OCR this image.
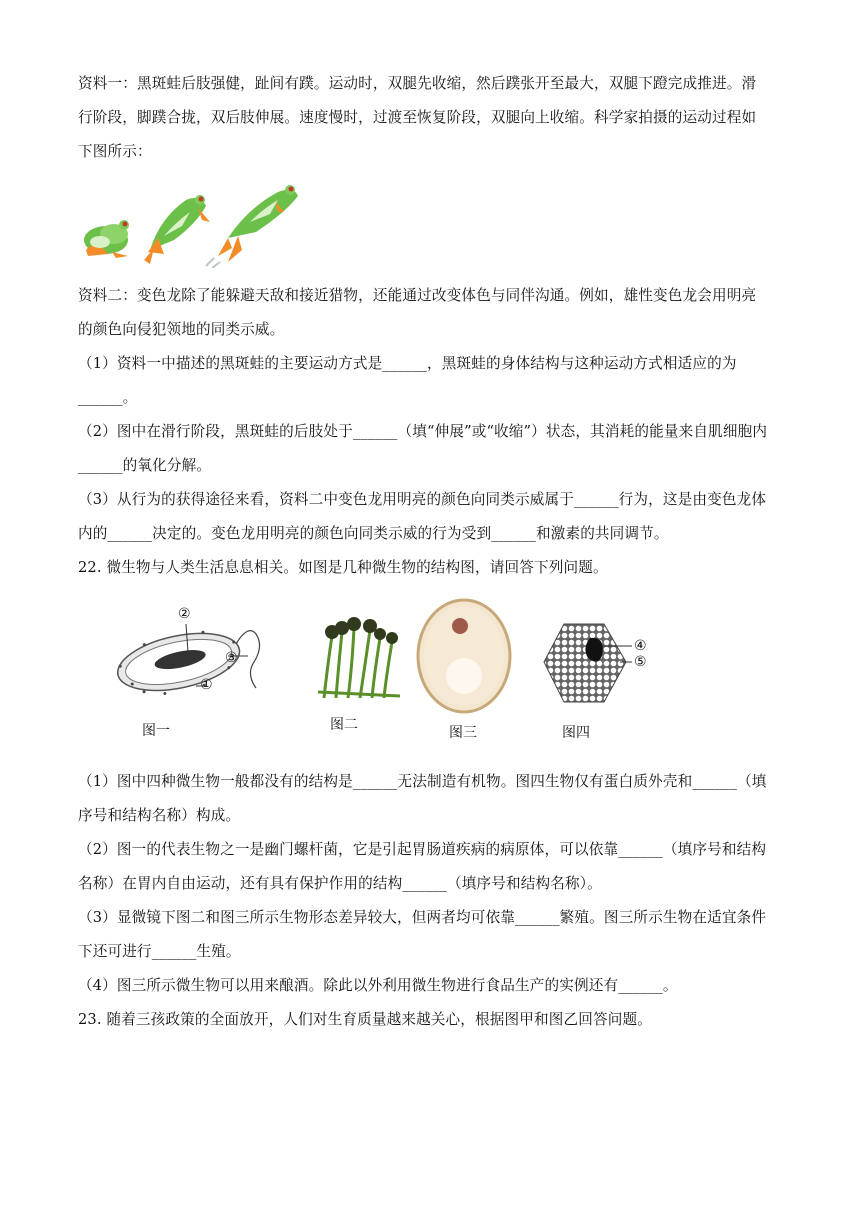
资料一：黑斑蛙后肢强健，趾间有蹼。运动时，双腿先收缩，然后蹼张开至最大，双腿下蹬完成推进。滑
行阶段，脚蹼合拢，双后肢伸展。速度慢时，过渡至恢复阶段，双腿向上收缩。科学家拍摄的运动过程如
下图所示：
资料二：变色龙除了能躲避天敌和接近猎物，还能通过改变体色与同伴沟通。例如，雄性变色龙会用明亮
的颜色向侵犯领地的同类示威。
（1）资料一中描述的黑斑蛙的主要运动方式是______，黑斑蛙的身体结构与这种运动方式相适应的为
______。
（2）图中在滑行阶段，黑斑蛙的后肢处于______（填“伸展”或“收缩”）状态，其消耗的能量来自肌细胞内
______的氧化分解。
（3）从行为的获得途径来看，资料二中变色龙用明亮的颜色向同类示威属于______行为，这是由变色龙体
内的______决定的。变色龙用明亮的颜色向同类示威的行为受到______和激素的共同调节。
22. 微生物与人类生活息息相关。如图是几种微生物的结构图，请回答下列问题。
②
③
①
图一	图二	图三
④
⑤
图四
（1）图中四种微生物一般都没有的结构是______无法制造有机物。图四生物仅有蛋白质外壳和______（填
序号和结构名称）构成。
（2）图一的代表生物之一是幽门螺杆菌，它是引起胃肠道疾病的病原体，可以依靠______（填序号和结构
名称）在胃内自由运动，还有具有保护作用的结构______（填序号和结构名称）。
（3）显微镜下图二和图三所示生物形态差异较大，但两者均可依靠______繁殖。图三所示生物在适宜条件
下还可进行______生殖。
（4）图三所示微生物可以用来酿酒。除此以外利用微生物进行食品生产的实例还有______。
23. 随着三孩政策的全面放开，人们对生育质量越来越关心，根据图甲和图乙回答问题。
